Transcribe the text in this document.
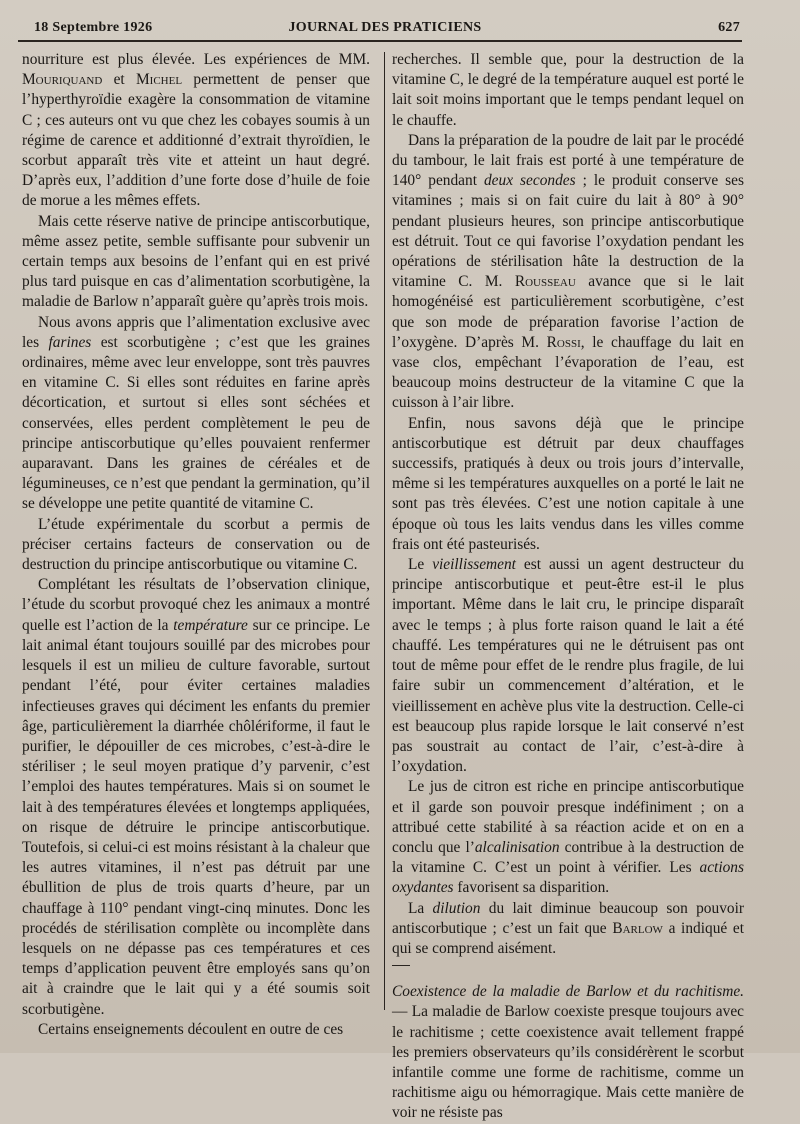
18 Septembre 1926	JOURNAL DES PRATICIENS	627

nourriture est plus élevée. Les expériences de MM. Mouriquand et Michel permettent de penser que l’hyperthyroïdie exagère la consommation de vitamine C ; ces auteurs ont vu que chez les cobayes soumis à un régime de carence et additionné d’extrait thyroïdien, le scorbut apparaît très vite et atteint un haut degré. D’après eux, l’addition d’une forte dose d’huile de foie de morue a les mêmes effets.

Mais cette réserve native de principe antiscorbutique, même assez petite, semble suffisante pour subvenir un certain temps aux besoins de l’enfant qui en est privé plus tard puisque en cas d’alimentation scorbutigène, la maladie de Barlow n’apparaît guère qu’après trois mois.

Nous avons appris que l’alimentation exclusive avec les farines est scorbutigène ; c’est que les graines ordinaires, même avec leur enveloppe, sont très pauvres en vitamine C. Si elles sont réduites en farine après décortication, et surtout si elles sont séchées et conservées, elles perdent complètement le peu de principe antiscorbutique qu’elles pouvaient renfermer auparavant. Dans les graines de céréales et de légumineuses, ce n’est que pendant la germination, qu’il se développe une petite quantité de vitamine C.

L’étude expérimentale du scorbut a permis de préciser certains facteurs de conservation ou de destruction du principe antiscorbutique ou vitamine C.

Complétant les résultats de l’observation clinique, l’étude du scorbut provoqué chez les animaux a montré quelle est l’action de la température sur ce principe. Le lait animal étant toujours souillé par des microbes pour lesquels il est un milieu de culture favorable, surtout pendant l’été, pour éviter certaines maladies infectieuses graves qui déciment les enfants du premier âge, particulièrement la diarrhée chôlériforme, il faut le purifier, le dépouiller de ces microbes, c’est-à-dire le stériliser ; le seul moyen pratique d’y parvenir, c’est l’emploi des hautes températures. Mais si on soumet le lait à des températures élevées et longtemps appliquées, on risque de détruire le principe antiscorbutique. Toutefois, si celui-ci est moins résistant à la chaleur que les autres vitamines, il n’est pas détruit par une ébullition de plus de trois quarts d’heure, par un chauffage à 110° pendant vingt-cinq minutes. Donc les procédés de stérilisation complète ou incomplète dans lesquels on ne dépasse pas ces températures et ces temps d’application peuvent être employés sans qu’on ait à craindre que le lait qui y a été soumis soit scorbutigène.

Certains enseignements découlent en outre de ces

recherches. Il semble que, pour la destruction de la vitamine C, le degré de la température auquel est porté le lait soit moins important que le temps pendant lequel on le chauffe.

Dans la préparation de la poudre de lait par le procédé du tambour, le lait frais est porté à une température de 140° pendant deux secondes ; le produit conserve ses vitamines ; mais si on fait cuire du lait à 80° à 90° pendant plusieurs heures, son principe antiscorbutique est détruit. Tout ce qui favorise l’oxydation pendant les opérations de stérilisation hâte la destruction de la vitamine C. M. Rousseau avance que si le lait homogénéisé est particulièrement scorbutigène, c’est que son mode de préparation favorise l’action de l’oxygène. D’après M. Rossi, le chauffage du lait en vase clos, empêchant l’évaporation de l’eau, est beaucoup moins destructeur de la vitamine C que la cuisson à l’air libre.

Enfin, nous savons déjà que le principe antiscorbutique est détruit par deux chauffages successifs, pratiqués à deux ou trois jours d’intervalle, même si les températures auxquelles on a porté le lait ne sont pas très élevées. C’est une notion capitale à une époque où tous les laits vendus dans les villes comme frais ont été pasteurisés.

Le vieillissement est aussi un agent destructeur du principe antiscorbutique et peut-être est-il le plus important. Même dans le lait cru, le principe disparaît avec le temps ; à plus forte raison quand le lait a été chauffé. Les températures qui ne le détruisent pas ont tout de même pour effet de le rendre plus fragile, de lui faire subir un commencement d’altération, et le vieillissement en achève plus vite la destruction. Celle-ci est beaucoup plus rapide lorsque le lait conservé n’est pas soustrait au contact de l’air, c’est-à-dire à l’oxydation.

Le jus de citron est riche en principe antiscorbutique et il garde son pouvoir presque indéfiniment ; on a attribué cette stabilité à sa réaction acide et on en a conclu que l’alcalinisation contribue à la destruction de la vitamine C. C’est un point à vérifier. Les actions oxydantes favorisent sa disparition.

La dilution du lait diminue beaucoup son pouvoir antiscorbutique ; c’est un fait que Barlow a indiqué et qui se comprend aisément.

Coexistence de la maladie de Barlow et du rachitisme. — La maladie de Barlow coexiste presque toujours avec le rachitisme ; cette coexistence avait tellement frappé les premiers observateurs qu’ils considérèrent le scorbut infantile comme une forme de rachitisme, comme un rachitisme aigu ou hémorragique. Mais cette manière de voir ne résiste pas
